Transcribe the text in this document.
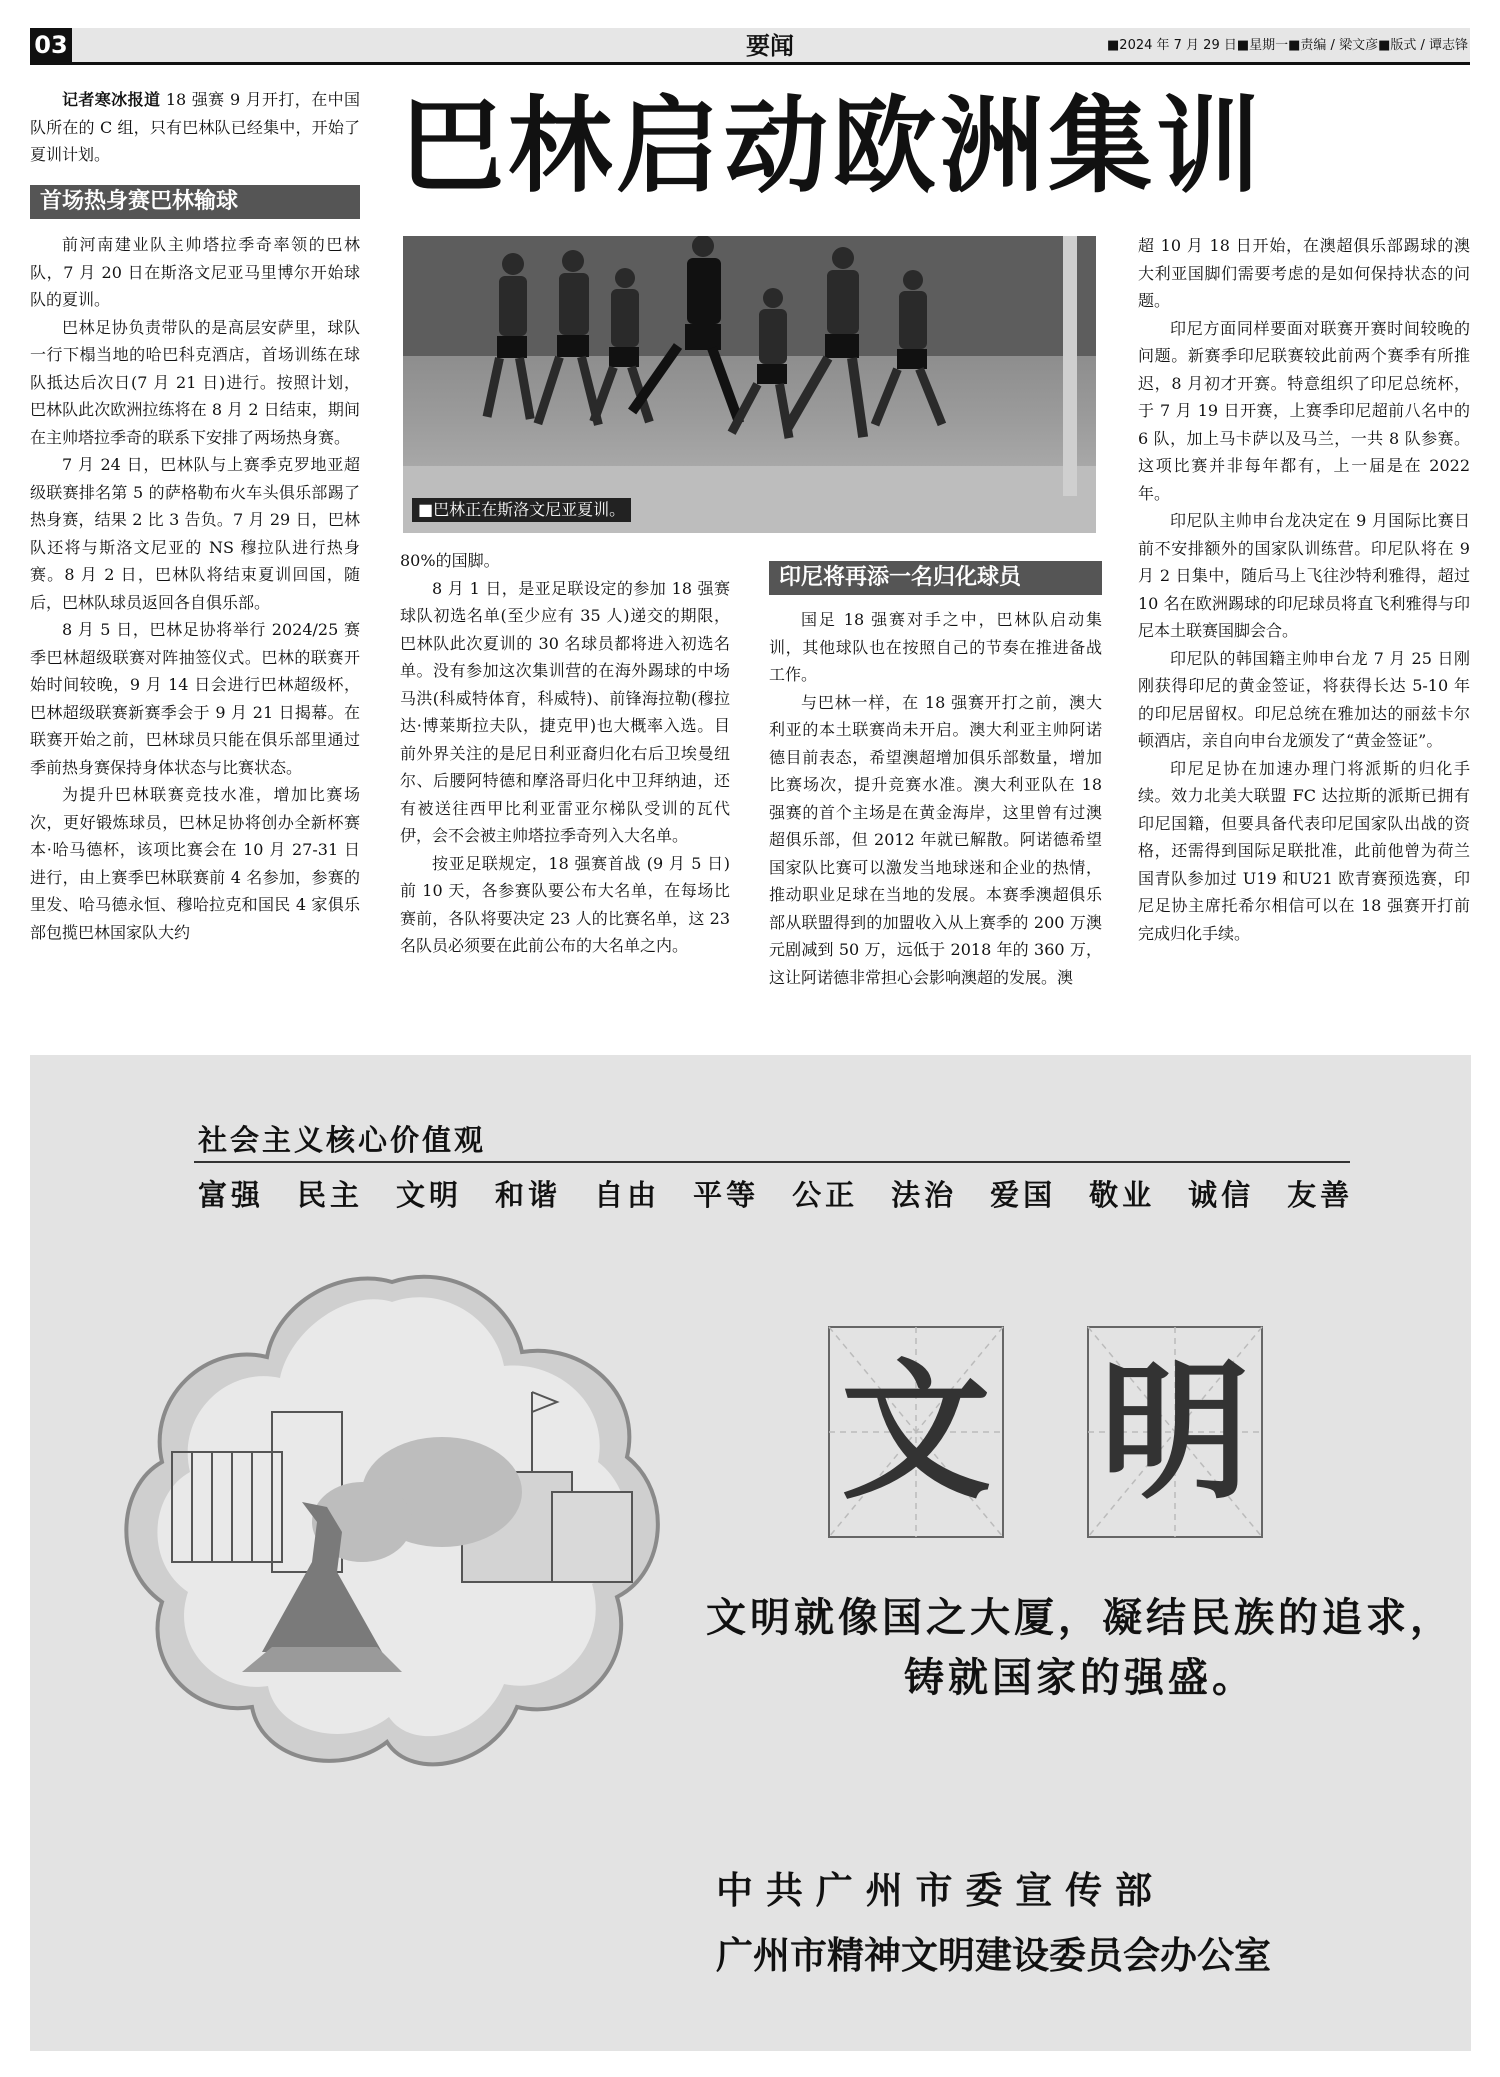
03	要闻	■2024 年 7 月 29 日■星期一■责编 / 梁文彦■版式 / 谭志锋
巴林启动欧洲集训

记者寒冰报道 18 强赛 9 月开打，在中国队所在的 C 组，只有巴林队已经集中，开始了夏训计划。

首场热身赛巴林输球

前河南建业队主帅塔拉季奇率领的巴林队，7 月 20 日在斯洛文尼亚马里博尔开始球队的夏训。

巴林足协负责带队的是高层安萨里，球队一行下榻当地的哈巴科克酒店，首场训练在球队抵达后次日(7 月 21 日)进行。按照计划，巴林队此次欧洲拉练将在 8 月 2 日结束，期间在主帅塔拉季奇的联系下安排了两场热身赛。

7 月 24 日，巴林队与上赛季克罗地亚超级联赛排名第 5 的萨格勒布火车头俱乐部踢了热身赛，结果 2 比 3 告负。7 月 29 日，巴林队还将与斯洛文尼亚的 NS 穆拉队进行热身赛。8 月 2 日，巴林队将结束夏训回国，随后，巴林队球员返回各自俱乐部。

8 月 5 日，巴林足协将举行 2024/25 赛季巴林超级联赛对阵抽签仪式。巴林的联赛开始时间较晚，9 月 14 日会进行巴林超级杯，巴林超级联赛新赛季会于 9 月 21 日揭幕。在联赛开始之前，巴林球员只能在俱乐部里通过季前热身赛保持身体状态与比赛状态。

为提升巴林联赛竞技水准，增加比赛场次，更好锻炼球员，巴林足协将创办全新杯赛本·哈马德杯，该项比赛会在 10 月 27-31 日进行，由上赛季巴林联赛前 4 名参加，参赛的里发、哈马德永恒、穆哈拉克和国民 4 家俱乐部包揽巴林国家队大约

■巴林正在斯洛文尼亚夏训。

80%的国脚。

8 月 1 日，是亚足联设定的参加 18 强赛球队初选名单(至少应有 35 人)递交的期限，巴林队此次夏训的 30 名球员都将进入初选名单。没有参加这次集训营的在海外踢球的中场马洪(科威特体育，科威特)、前锋海拉勒(穆拉达·博莱斯拉夫队，捷克甲)也大概率入选。目前外界关注的是尼日利亚裔归化右后卫埃曼纽尔、后腰阿特德和摩洛哥归化中卫拜纳迪，还有被送往西甲比利亚雷亚尔梯队受训的瓦代伊，会不会被主帅塔拉季奇列入大名单。

按亚足联规定，18 强赛首战 (9 月 5 日) 前 10 天，各参赛队要公布大名单，在每场比赛前，各队将要决定 23 人的比赛名单，这 23 名队员必须要在此前公布的大名单之内。

印尼将再添一名归化球员

国足 18 强赛对手之中，巴林队启动集训，其他球队也在按照自己的节奏在推进备战工作。

与巴林一样，在 18 强赛开打之前，澳大利亚的本土联赛尚未开启。澳大利亚主帅阿诺德目前表态，希望澳超增加俱乐部数量，增加比赛场次，提升竞赛水准。澳大利亚队在 18 强赛的首个主场是在黄金海岸，这里曾有过澳超俱乐部，但 2012 年就已解散。阿诺德希望国家队比赛可以激发当地球迷和企业的热情，推动职业足球在当地的发展。本赛季澳超俱乐部从联盟得到的加盟收入从上赛季的 200 万澳元剧减到 50 万，远低于 2018 年的 360 万，这让阿诺德非常担心会影响澳超的发展。澳

超 10 月 18 日开始，在澳超俱乐部踢球的澳大利亚国脚们需要考虑的是如何保持状态的问题。

印尼方面同样要面对联赛开赛时间较晚的问题。新赛季印尼联赛较此前两个赛季有所推迟，8 月初才开赛。特意组织了印尼总统杯，于 7 月 19 日开赛，上赛季印尼超前八名中的 6 队，加上马卡萨以及马兰，一共 8 队参赛。这项比赛并非每年都有，上一届是在 2022 年。

印尼队主帅申台龙决定在 9 月国际比赛日前不安排额外的国家队训练营。印尼队将在 9 月 2 日集中，随后马上飞往沙特利雅得，超过 10 名在欧洲踢球的印尼球员将直飞利雅得与印尼本土联赛国脚会合。

印尼队的韩国籍主帅申台龙 7 月 25 日刚刚获得印尼的黄金签证，将获得长达 5-10 年的印尼居留权。印尼总统在雅加达的丽兹卡尔顿酒店，亲自向申台龙颁发了“黄金签证”。

印尼足协在加速办理门将派斯的归化手续。效力北美大联盟 FC 达拉斯的派斯已拥有印尼国籍，但要具备代表印尼国家队出战的资格，还需得到国际足联批准，此前他曾为荷兰国青队参加过 U19 和U21 欧青赛预选赛，印尼足协主席托希尔相信可以在 18 强赛开打前完成归化手续。

社会主义核心价值观
富强 民主 文明 和谐 自由 平等 公正 法治 爱国 敬业 诚信 友善
文 明
文明就像国之大厦，凝结民族的追求，
铸就国家的强盛。
中 共 广 州 市 委 宣 传 部
广州市精神文明建设委员会办公室
